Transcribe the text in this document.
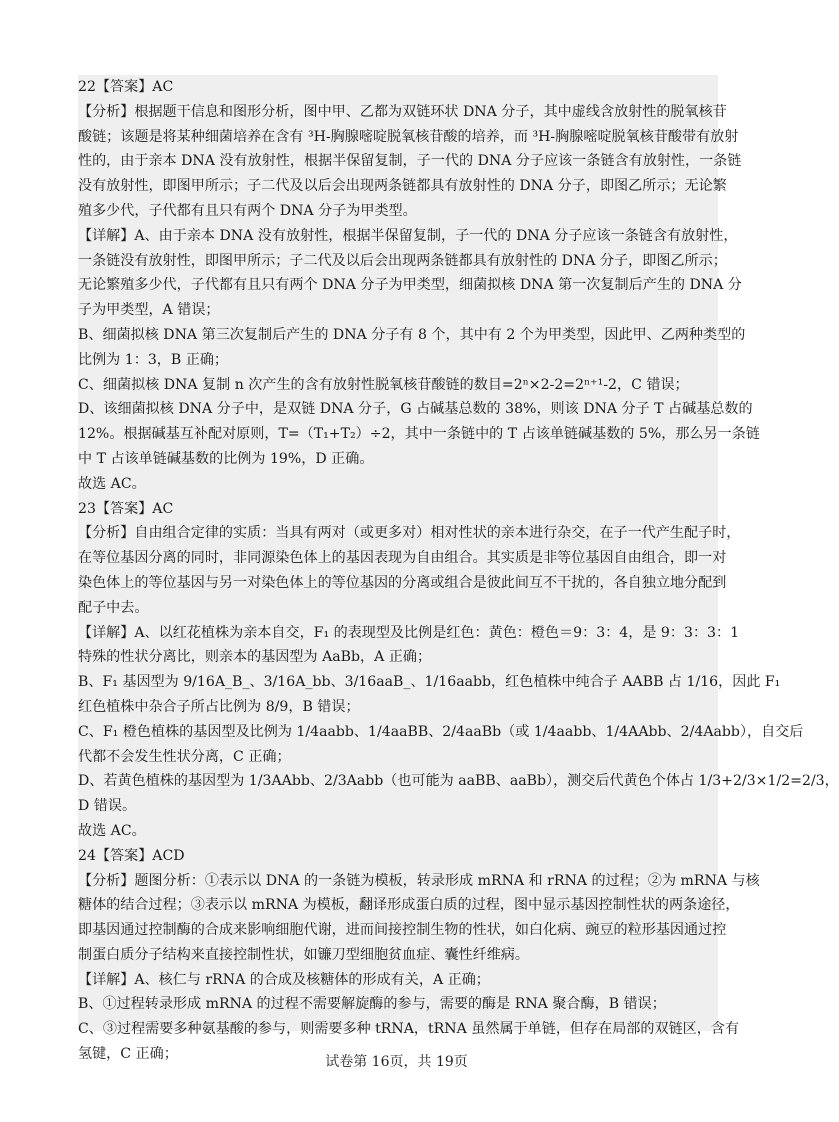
22【答案】AC
【分析】根据题干信息和图形分析，图中甲、乙都为双链环状 DNA 分子，其中虚线含放射性的脱氧核苷
酸链；该题是将某种细菌培养在含有 ³H-胸腺嘧啶脱氧核苷酸的培养，而 ³H-胸腺嘧啶脱氧核苷酸带有放射
性的，由于亲本 DNA 没有放射性，根据半保留复制，子一代的 DNA 分子应该一条链含有放射性，一条链
没有放射性，即图甲所示；子二代及以后会出现两条链都具有放射性的 DNA 分子，即图乙所示；无论繁
殖多少代，子代都有且只有两个 DNA 分子为甲类型。
【详解】A、由于亲本 DNA 没有放射性，根据半保留复制，子一代的 DNA 分子应该一条链含有放射性，
一条链没有放射性，即图甲所示；子二代及以后会出现两条链都具有放射性的 DNA 分子，即图乙所示；
无论繁殖多少代，子代都有且只有两个 DNA 分子为甲类型，细菌拟核 DNA 第一次复制后产生的 DNA 分
子为甲类型，A 错误；
B、细菌拟核 DNA 第三次复制后产生的 DNA 分子有 8 个，其中有 2 个为甲类型，因此甲、乙两种类型的
比例为 1：3，B 正确；
C、细菌拟核 DNA 复制 n 次产生的含有放射性脱氧核苷酸链的数目=2ⁿ×2-2=2ⁿ⁺¹-2，C 错误；
D、该细菌拟核 DNA 分子中，是双链 DNA 分子，G 占碱基总数的 38%，则该 DNA 分子 T 占碱基总数的
12%。根据碱基互补配对原则，T=（T₁+T₂）÷2，其中一条链中的 T 占该单链碱基数的 5%，那么另一条链
中 T 占该单链碱基数的比例为 19%，D 正确。
故选 AC。
23【答案】AC
【分析】自由组合定律的实质：当具有两对（或更多对）相对性状的亲本进行杂交，在子一代产生配子时，
在等位基因分离的同时，非同源染色体上的基因表现为自由组合。其实质是非等位基因自由组合，即一对
染色体上的等位基因与另一对染色体上的等位基因的分离或组合是彼此间互不干扰的，各自独立地分配到
配子中去。
【详解】A、以红花植株为亲本自交，F₁ 的表现型及比例是红色：黄色：橙色＝9：3：4，是 9：3：3：1
特殊的性状分离比，则亲本的基因型为 AaBb，A 正确；
B、F₁ 基因型为 9/16A_B_、3/16A_bb、3/16aaB_、1/16aabb，红色植株中纯合子 AABB 占 1/16，因此 F₁
红色植株中杂合子所占比例为 8/9，B 错误；
C、F₁ 橙色植株的基因型及比例为 1/4aabb、1/4aaBB、2/4aaBb（或 1/4aabb、1/4AAbb、2/4Aabb），自交后
代都不会发生性状分离，C 正确；
D、若黄色植株的基因型为 1/3AAbb、2/3Aabb（也可能为 aaBB、aaBb），测交后代黄色个体占 1/3+2/3×1/2=2/3，
D 错误。
故选 AC。
24【答案】ACD
【分析】题图分析：①表示以 DNA 的一条链为模板，转录形成 mRNA 和 rRNA 的过程；②为 mRNA 与核
糖体的结合过程；③表示以 mRNA 为模板，翻译形成蛋白质的过程，图中显示基因控制性状的两条途径，
即基因通过控制酶的合成来影响细胞代谢，进而间接控制生物的性状，如白化病、豌豆的粒形基因通过控
制蛋白质分子结构来直接控制性状，如镰刀型细胞贫血症、囊性纤维病。
【详解】A、核仁与 rRNA 的合成及核糖体的形成有关，A 正确；
B、①过程转录形成 mRNA 的过程不需要解旋酶的参与，需要的酶是 RNA 聚合酶，B 错误；
C、③过程需要多种氨基酸的参与，则需要多种 tRNA，tRNA 虽然属于单链，但存在局部的双链区，含有
氢键，C 正确；	试卷第 16页，共 19页
